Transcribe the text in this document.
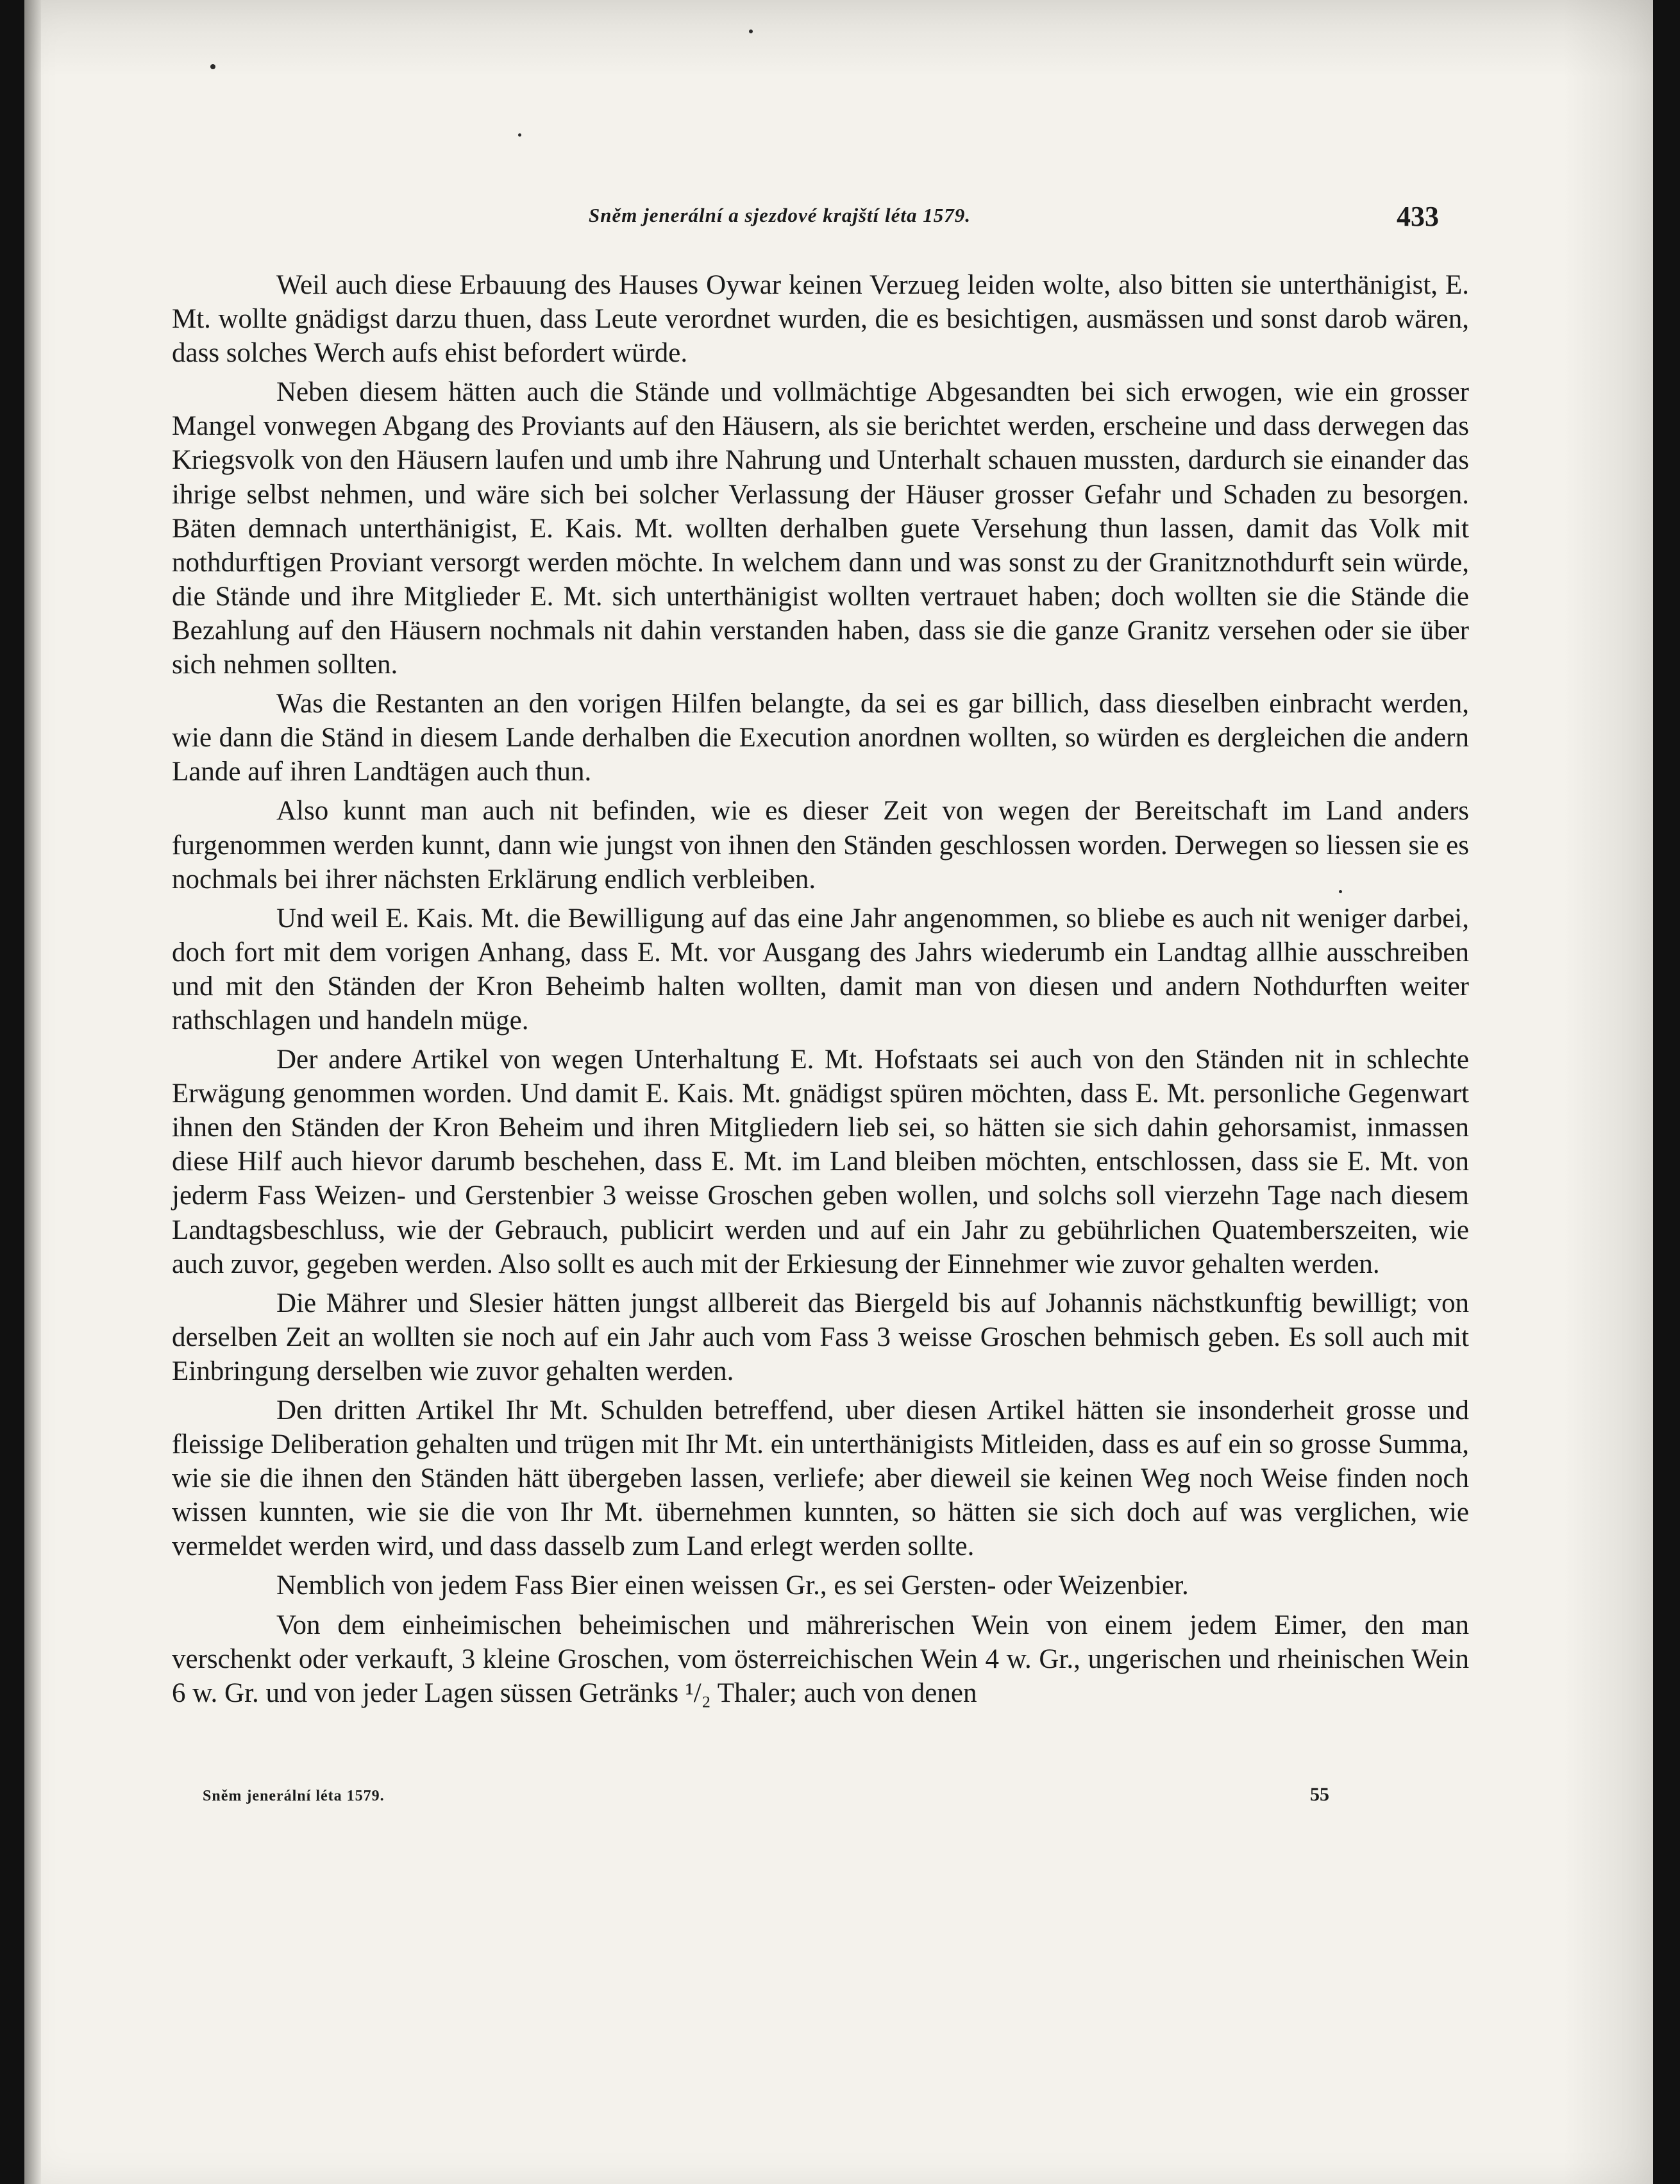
Sněm jenerální a sjezdové krajští léta 1579.	433

Weil auch diese Erbauung des Hauses Oywar keinen Verzueg leiden wolte, also bitten sie unterthänigist, E. Mt. wollte gnädigst darzu thuen, dass Leute verordnet wurden, die es besichtigen, ausmässen und sonst darob wären, dass solches Werch aufs ehist befordert würde.

Neben diesem hätten auch die Stände und vollmächtige Abgesandten bei sich erwogen, wie ein grosser Mangel vonwegen Abgang des Proviants auf den Häusern, als sie berichtet werden, erscheine und dass derwegen das Kriegsvolk von den Häusern laufen und umb ihre Nahrung und Unterhalt schauen mussten, dardurch sie einander das ihrige selbst nehmen, und wäre sich bei solcher Verlassung der Häuser grosser Gefahr und Schaden zu besorgen. Bäten demnach unterthänigist, E. Kais. Mt. wollten derhalben guete Versehung thun lassen, damit das Volk mit nothdurftigen Proviant versorgt werden möchte. In welchem dann und was sonst zu der Granitznothdurft sein würde, die Stände und ihre Mitglieder E. Mt. sich unterthänigist wollten vertrauet haben; doch wollten sie die Stände die Bezahlung auf den Häusern nochmals nit dahin verstanden haben, dass sie die ganze Granitz versehen oder sie über sich nehmen sollten.

Was die Restanten an den vorigen Hilfen belangte, da sei es gar billich, dass dieselben einbracht werden, wie dann die Ständ in diesem Lande derhalben die Execution anordnen wollten, so würden es dergleichen die andern Lande auf ihren Landtägen auch thun.

Also kunnt man auch nit befinden, wie es dieser Zeit von wegen der Bereitschaft im Land anders furgenommen werden kunnt, dann wie jungst von ihnen den Ständen geschlossen worden. Derwegen so liessen sie es nochmals bei ihrer nächsten Erklärung endlich verbleiben.

Und weil E. Kais. Mt. die Bewilligung auf das eine Jahr angenommen, so bliebe es auch nit weniger darbei, doch fort mit dem vorigen Anhang, dass E. Mt. vor Ausgang des Jahrs wiederumb ein Landtag allhie ausschreiben und mit den Ständen der Kron Beheimb halten wollten, damit man von diesen und andern Nothdurften weiter rathschlagen und handeln müge.

Der andere Artikel von wegen Unterhaltung E. Mt. Hofstaats sei auch von den Ständen nit in schlechte Erwägung genommen worden. Und damit E. Kais. Mt. gnädigst spüren möchten, dass E. Mt. personliche Gegenwart ihnen den Ständen der Kron Beheim und ihren Mitgliedern lieb sei, so hätten sie sich dahin gehorsamist, inmassen diese Hilf auch hievor darumb beschehen, dass E. Mt. im Land bleiben möchten, entschlossen, dass sie E. Mt. von jederm Fass Weizen- und Gerstenbier 3 weisse Groschen geben wollen, und solchs soll vierzehn Tage nach diesem Landtagsbeschluss, wie der Gebrauch, publicirt werden und auf ein Jahr zu gebührlichen Quatemberszeiten, wie auch zuvor, gegeben werden. Also sollt es auch mit der Erkiesung der Einnehmer wie zuvor gehalten werden.

Die Mährer und Slesier hätten jungst allbereit das Biergeld bis auf Johannis nächstkunftig bewilligt; von derselben Zeit an wollten sie noch auf ein Jahr auch vom Fass 3 weisse Groschen behmisch geben. Es soll auch mit Einbringung derselben wie zuvor gehalten werden.

Den dritten Artikel Ihr Mt. Schulden betreffend, uber diesen Artikel hätten sie insonderheit grosse und fleissige Deliberation gehalten und trügen mit Ihr Mt. ein unterthänigists Mitleiden, dass es auf ein so grosse Summa, wie sie die ihnen den Ständen hätt übergeben lassen, verliefe; aber dieweil sie keinen Weg noch Weise finden noch wissen kunnten, wie sie die von Ihr Mt. übernehmen kunnten, so hätten sie sich doch auf was verglichen, wie vermeldet werden wird, und dass dasselb zum Land erlegt werden sollte.

Nemblich von jedem Fass Bier einen weissen Gr., es sei Gersten- oder Weizenbier.

Von dem einheimischen beheimischen und mährerischen Wein von einem jedem Eimer, den man verschenkt oder verkauft, 3 kleine Groschen, vom österreichischen Wein 4 w. Gr., ungerischen und rheinischen Wein 6 w. Gr. und von jeder Lagen süssen Getränks ¹/₂ Thaler; auch von denen

Sněm jenerální léta 1579.	55
